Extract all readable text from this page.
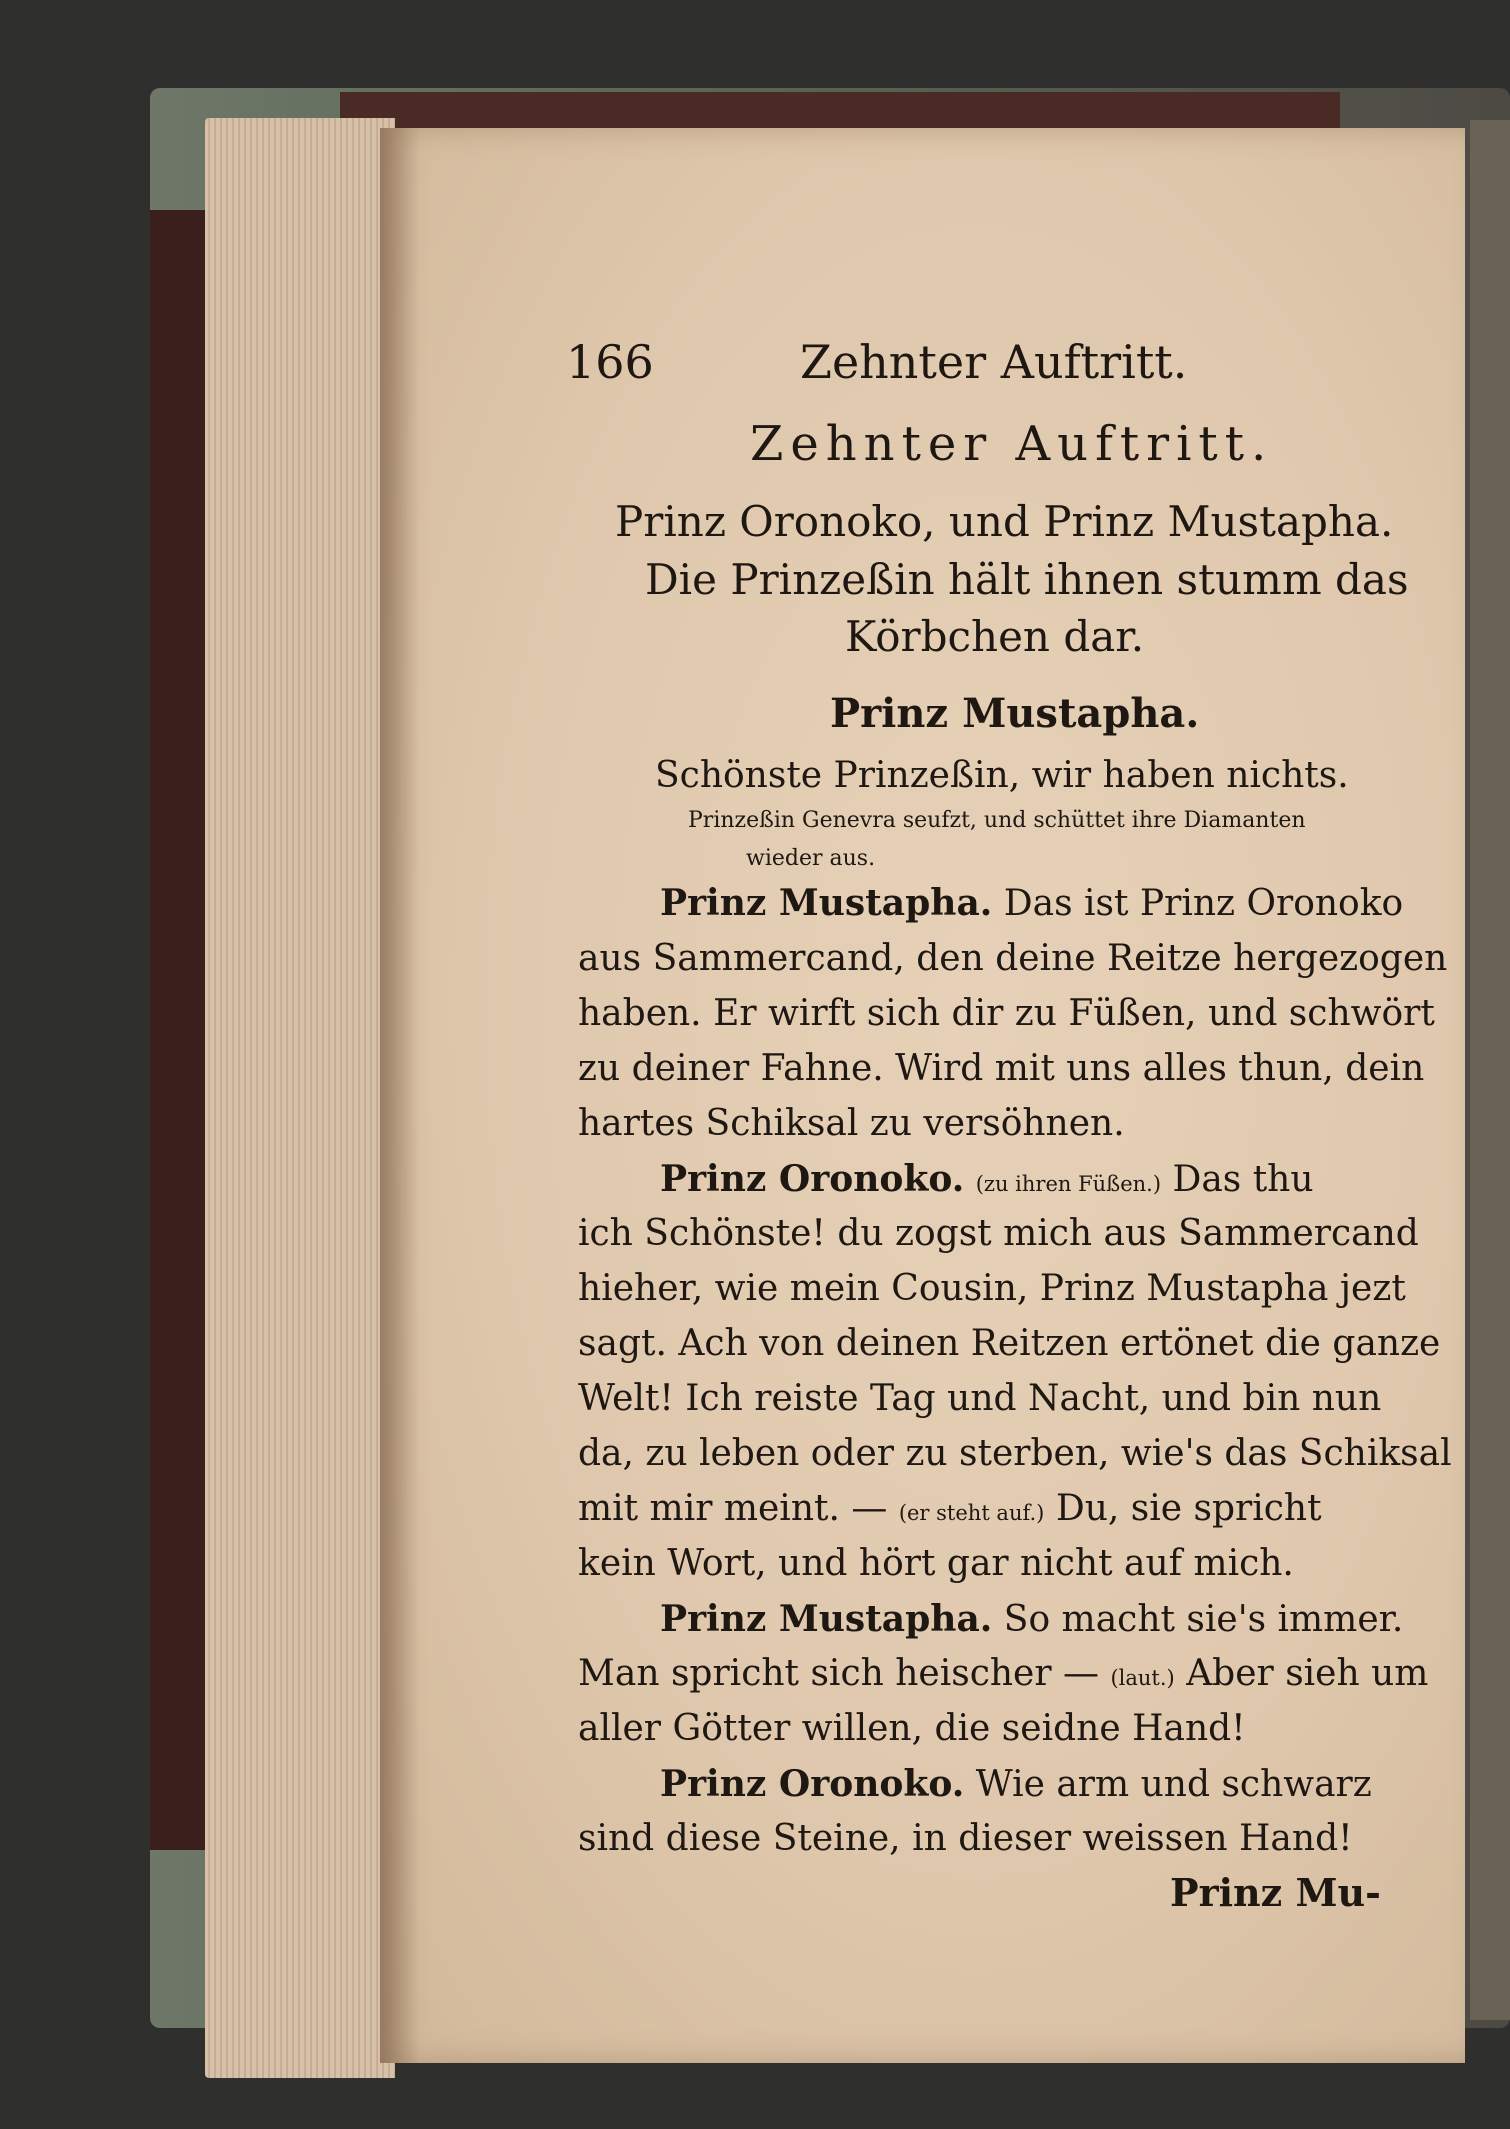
166	Zehnter Auftritt.
Zehnter Auftritt.
Prinz Oronoko, und Prinz Mustapha.
Die Prinzeßin hält ihnen stumm das
Körbchen dar.
Prinz Mustapha.
Schönste Prinzeßin, wir haben nichts.
Prinzeßin Genevra seufzt, und schüttet ihre Diamanten
wieder aus.
Prinz Mustapha. Das ist Prinz Oronoko
aus Sammercand, den deine Reitze hergezogen
haben. Er wirft sich dir zu Füßen, und schwört
zu deiner Fahne. Wird mit uns alles thun, dein
hartes Schiksal zu versöhnen.
Prinz Oronoko. (zu ihren Füßen.) Das thu
ich Schönste! du zogst mich aus Sammercand
hieher, wie mein Cousin, Prinz Mustapha jezt
sagt. Ach von deinen Reitzen ertönet die ganze
Welt! Ich reiste Tag und Nacht, und bin nun
da, zu leben oder zu sterben, wie's das Schiksal
mit mir meint. — (er steht auf.) Du, sie spricht
kein Wort, und hört gar nicht auf mich.
Prinz Mustapha. So macht sie's immer.
Man spricht sich heischer — (laut.) Aber sieh um
aller Götter willen, die seidne Hand!
Prinz Oronoko. Wie arm und schwarz
sind diese Steine, in dieser weissen Hand!
Prinz Mu-
